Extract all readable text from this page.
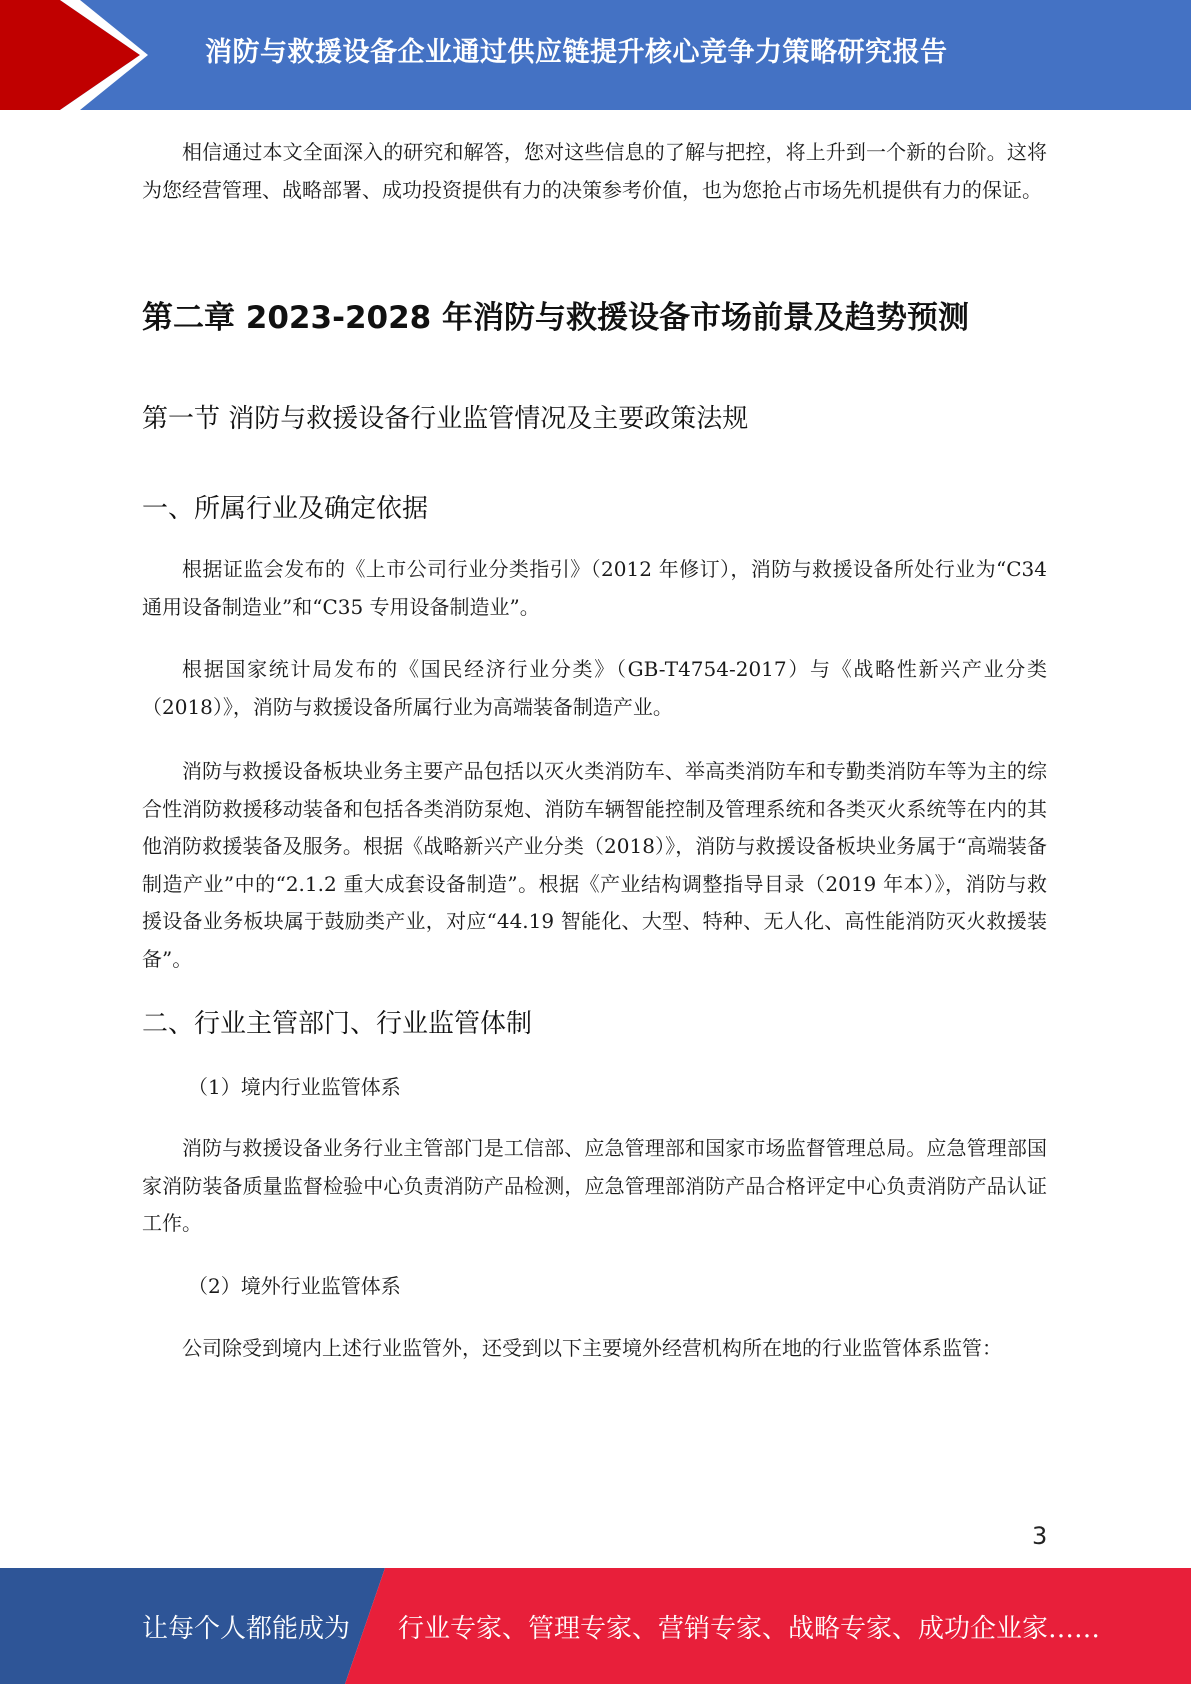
消防与救援设备企业通过供应链提升核心竞争力策略研究报告

相信通过本文全面深入的研究和解答，您对这些信息的了解与把控，将上升到一个新的台阶。这将为您经营管理、战略部署、成功投资提供有力的决策参考价值，也为您抢占市场先机提供有力的保证。

第二章 2023-2028 年消防与救援设备市场前景及趋势预测
第一节 消防与救援设备行业监管情况及主要政策法规
一、所属行业及确定依据

根据证监会发布的《上市公司行业分类指引》（2012 年修订），消防与救援设备所处行业为“C34 通用设备制造业”和“C35 专用设备制造业”。

根据国家统计局发布的《国民经济行业分类》（GB-T4754-2017）与《战略性新兴产业分类（2018）》，消防与救援设备所属行业为高端装备制造产业。

消防与救援设备板块业务主要产品包括以灭火类消防车、举高类消防车和专勤类消防车等为主的综合性消防救援移动装备和包括各类消防泵炮、消防车辆智能控制及管理系统和各类灭火系统等在内的其他消防救援装备及服务。根据《战略新兴产业分类（2018）》，消防与救援设备板块业务属于“高端装备制造产业”中的“2.1.2 重大成套设备制造”。根据《产业结构调整指导目录（2019 年本）》，消防与救援设备业务板块属于鼓励类产业，对应“44.19 智能化、大型、特种、无人化、高性能消防灭火救援装备”。

二、行业主管部门、行业监管体制

（1）境内行业监管体系

消防与救援设备业务行业主管部门是工信部、应急管理部和国家市场监督管理总局。应急管理部国家消防装备质量监督检验中心负责消防产品检测，应急管理部消防产品合格评定中心负责消防产品认证工作。

（2）境外行业监管体系

公司除受到境内上述行业监管外，还受到以下主要境外经营机构所在地的行业监管体系监管：

3
让每个人都能成为 行业专家、管理专家、营销专家、战略专家、成功企业家……
